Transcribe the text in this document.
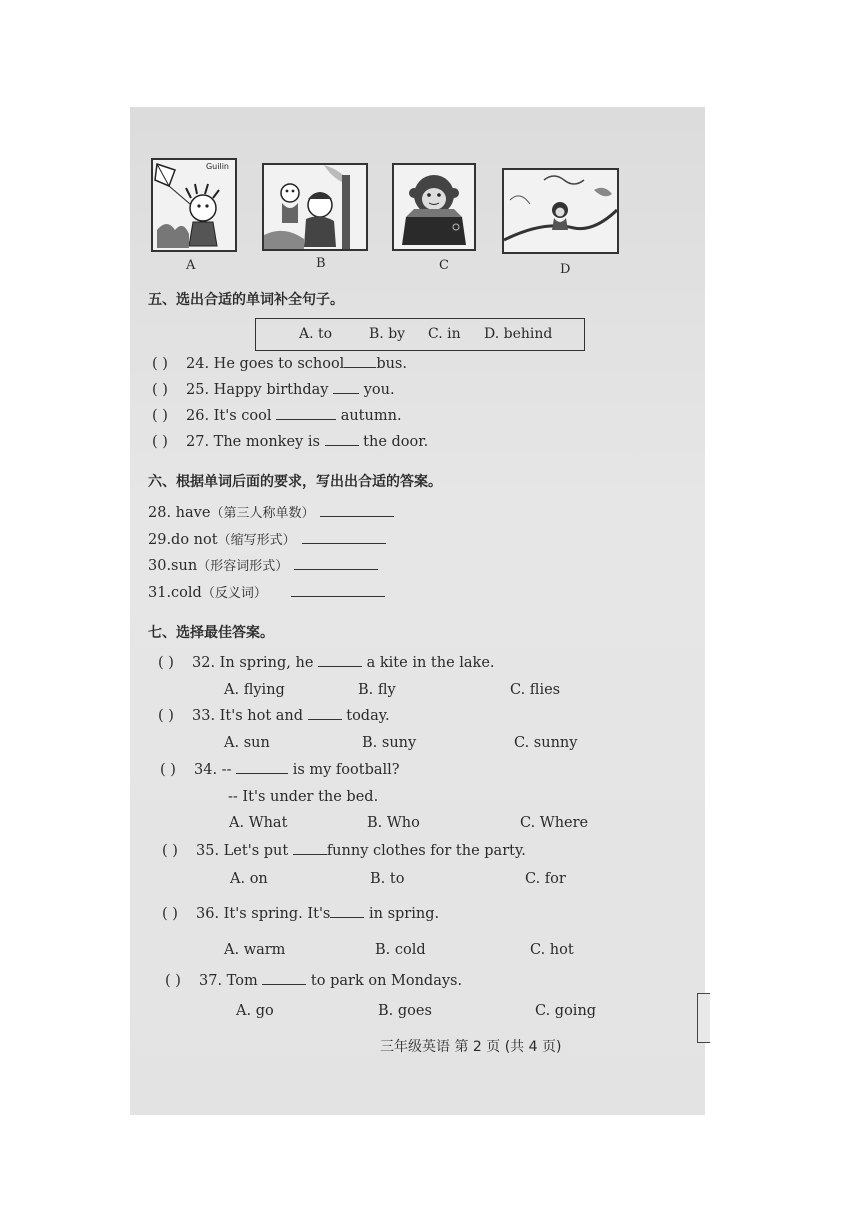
Guilin
A	B	C	D
五、选出合适的单词补全句子。
A. to	B. by C. in D. behind
( ) 24. He goes to school bus.
( ) 25. Happy birthday you.
( ) 26. It's cool	autumn.
( ) 27. The monkey is	the door.
六、根据单词后面的要求，写出出合适的答案。
28. have（第三人称单数）
29.do not（缩写形式）
30.sun（形容词形式）
31.cold（反义词）
七、选择最佳答案。
( ) 32. In spring, he	a kite in the lake.
A. flying	B. fly	C. flies
( ) 33. It's hot and	today.
A. sun	B. suny	C. sunny
( ) 34. --	is my football?
-- It's under the bed.
A. What	B. Who	C. Where
( ) 35. Let's put	funny clothes for the party.
A. on	B. to	C. for
( ) 36. It's spring. It's	in spring.
A. warm	B. cold	C. hot
( ) 37. Tom	to park on Mondays.
A. go	B. goes	C. going
三年级英语 第 2 页 (共 4 页)
